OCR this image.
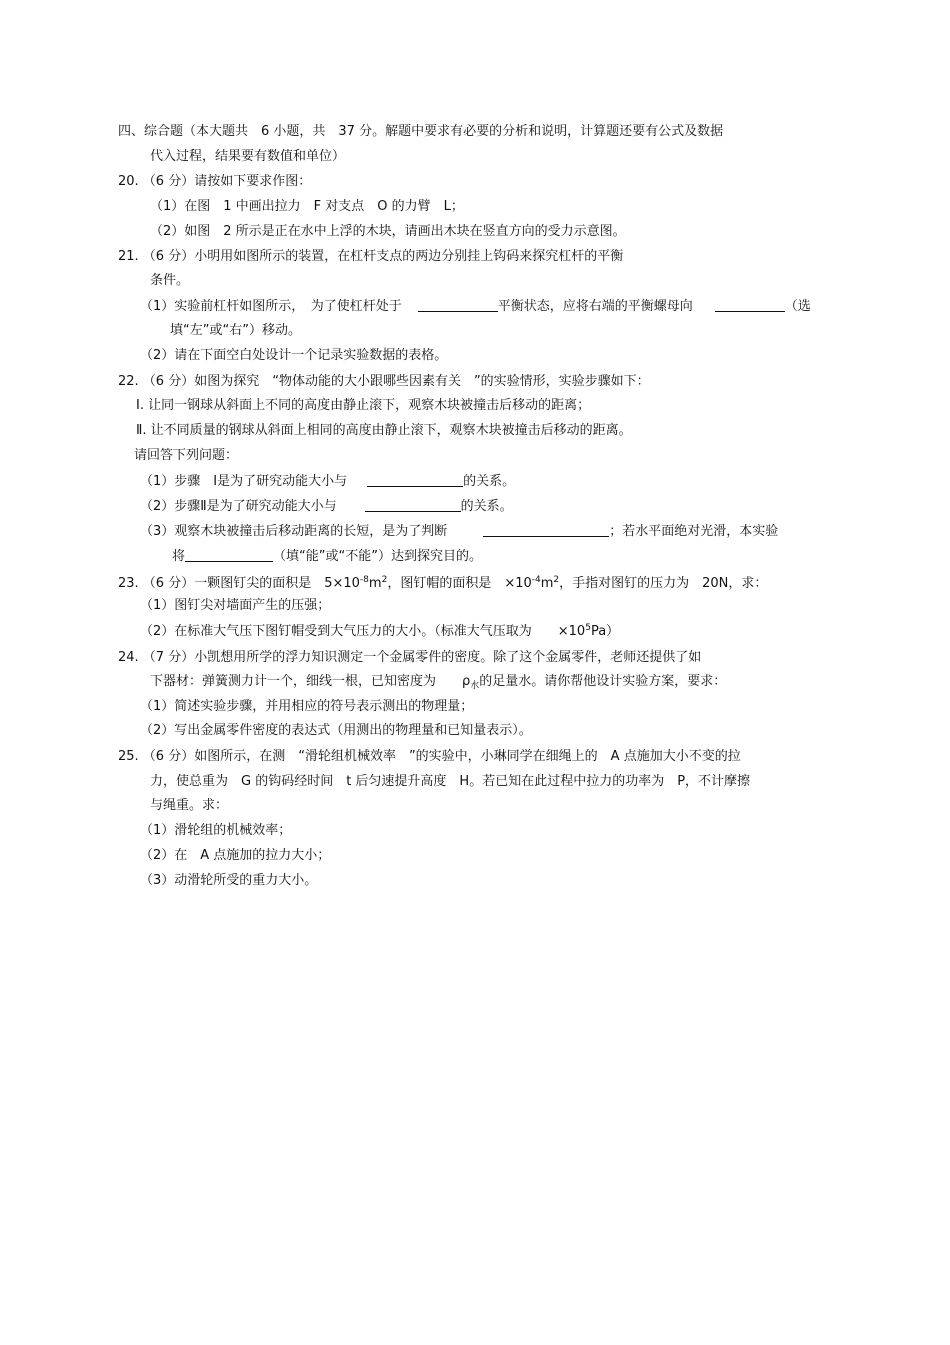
四、综合题（本大题共　6 小题，共　37 分。解题中要求有必要的分析和说明，计算题还要有公式及数据
代入过程，结果要有数值和单位）
20. （6 分）请按如下要求作图：
（1）在图　1 中画出拉力　F 对支点　O 的力臂　L；
（2）如图　2 所示是正在水中上浮的木块，请画出木块在竖直方向的受力示意图。
21. （6 分）小明用如图所示的装置，在杠杆支点的两边分别挂上钩码来探究杠杆的平衡
条件。
（1）实验前杠杆如图所示，　为了使杠杆处于	平衡状态，应将右端的平衡螺母向	（选
填“左”或“右”）移动。
（2）请在下面空白处设计一个记录实验数据的表格。
22. （6 分）如图为探究　“物体动能的大小跟哪些因素有关　”的实验情形，实验步骤如下：
Ⅰ. 让同一钢球从斜面上不同的高度由静止滚下，观察木块被撞击后移动的距离；
Ⅱ. 让不同质量的钢球从斜面上相同的高度由静止滚下，观察木块被撞击后移动的距离。
请回答下列问题：
（1）步骤　Ⅰ是为了研究动能大小与	的关系。
（2）步骤Ⅱ是为了研究动能大小与	的关系。
（3）观察木块被撞击后移动距离的长短，是为了判断	；若水平面绝对光滑，本实验
将	（填“能”或“不能”）达到探究目的。
23. （6 分）一颗图钉尖的面积是　$5\times 10^{-8}m^2$，图钉帽的面积是　$\times 10^{-4}m^2$，手指对图钉的压力为　20N，求：
（1）图钉尖对墙面产生的压强；
（2）在标准大气压下图钉帽受到大气压力的大小。（标准大气压取为　　$\times 10^5Pa$）
24. （7 分）小凯想用所学的浮力知识测定一个金属零件的密度。除了这个金属零件，老师还提供了如
下器材：弹簧测力计一个，细线一根，已知密度为　　$\rho_水$的足量水。请你帮他设计实验方案，要求：
（1）简述实验步骤，并用相应的符号表示测出的物理量；
（2）写出金属零件密度的表达式（用测出的物理量和已知量表示）。
25. （6 分）如图所示，在测　“滑轮组机械效率　”的实验中，小琳同学在细绳上的　A 点施加大小不变的拉
力，使总重为　G 的钩码经时间　t 后匀速提升高度　H。若已知在此过程中拉力的功率为　P，不计摩擦
与绳重。求：
（1）滑轮组的机械效率；
（2）在　A 点施加的拉力大小；
（3）动滑轮所受的重力大小。
